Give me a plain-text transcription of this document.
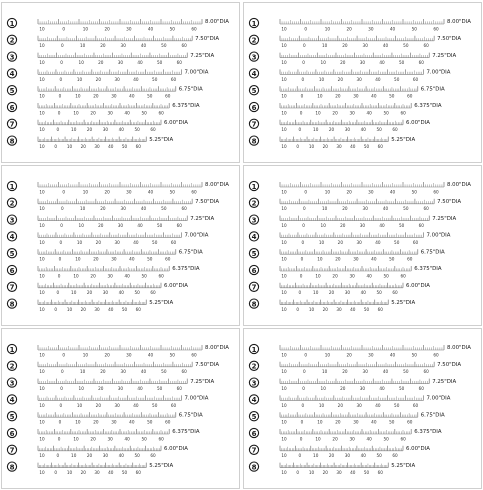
1
10	0	10	20	30	40	50	60
8.00"DIA
2
10	0	10	20	30	40	50	60
7.50"DIA
3
10	0	10	20	30	40	50	60
7.25"DIA
4
10	0	10	20	30	40	50	60
7.00"DIA
5
10	0	10	20	30	40	50	60
6.75"DIA
6
10	0	10	20	30	40	50	60
6.375"DIA
7
10	0	10	20	30	40	50	60
6.00"DIA
8
10 0 10 20 30 40 50 60
5.25"DIA
1
10	0	10	20	30	40	50	60
8.00"DIA
2
10	0	10	20	30	40	50	60
7.50"DIA
3
10	0	10	20	30	40	50	60
7.25"DIA
4
10	0	10	20	30	40	50	60
7.00"DIA
5
10	0	10	20	30	40	50	60
6.75"DIA
6
10	0	10	20	30	40	50	60
6.375"DIA
7
10	0	10	20	30	40	50	60
6.00"DIA
8
10 0 10 20 30 40 50 60
5.25"DIA
1
10	0	10	20	30	40	50	60
8.00"DIA
2
10	0	10	20	30	40	50	60
7.50"DIA
3
10	0	10	20	30	40	50	60
7.25"DIA
4
10	0	10	20	30	40	50	60
7.00"DIA
5
10	0	10	20	30	40	50	60
6.75"DIA
6
10	0	10	20	30	40	50	60
6.375"DIA
7
10	0	10	20	30	40	50	60
6.00"DIA
8
10 0 10 20 30 40 50 60
5.25"DIA
1
10	0	10	20	30	40	50	60
8.00"DIA
2
10	0	10	20	30	40	50	60
7.50"DIA
3
10	0	10	20	30	40	50	60
7.25"DIA
4
10	0	10	20	30	40	50	60
7.00"DIA
5
10	0	10	20	30	40	50	60
6.75"DIA
6
10	0	10	20	30	40	50	60
6.375"DIA
7
10	0	10	20	30	40	50	60
6.00"DIA
8
10 0 10 20 30 40 50 60
5.25"DIA
1
10	0	10	20	30	40	50	60
8.00"DIA
2
10	0	10	20	30	40	50	60
7.50"DIA
3
10	0	10	20	30	40	50	60
7.25"DIA
4
10	0	10	20	30	40	50	60
7.00"DIA
5
10	0	10	20	30	40	50	60
6.75"DIA
6
10	0	10	20	30	40	50	60
6.375"DIA
7
10	0	10	20	30	40	50	60
6.00"DIA
8
10 0 10 20 30 40 50 60
5.25"DIA
1
10	0	10	20	30	40	50	60
8.00"DIA
2
10	0	10	20	30	40	50	60
7.50"DIA
3
10	0	10	20	30	40	50	60
7.25"DIA
4
10	0	10	20	30	40	50	60
7.00"DIA
5
10	0	10	20	30	40	50	60
6.75"DIA
6
10	0	10	20	30	40	50	60
6.375"DIA
7
10	0	10	20	30	40	50	60
6.00"DIA
8
10 0 10 20 30 40 50 60
5.25"DIA
